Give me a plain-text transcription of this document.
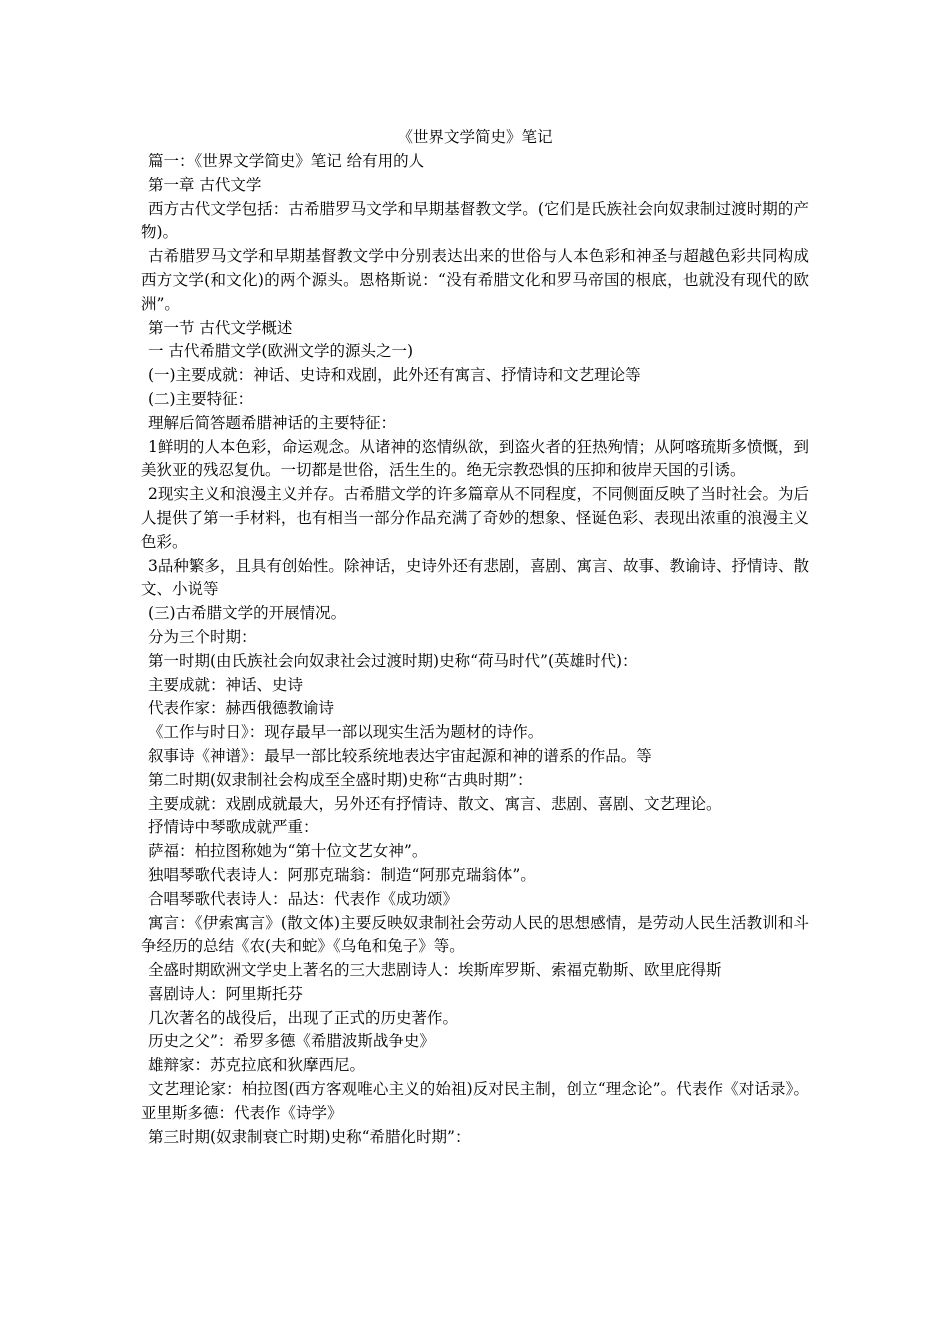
《世界文学简史》笔记

篇一：《世界文学简史》笔记 给有用的人

第一章 古代文学

西方古代文学包括：古希腊罗马文学和早期基督教文学。(它们是氏族社会向奴隶制过渡时期的产物)。

古希腊罗马文学和早期基督教文学中分别表达出来的世俗与人本色彩和神圣与超越色彩共同构成西方文学(和文化)的两个源头。恩格斯说：“没有希腊文化和罗马帝国的根底，也就没有现代的欧洲”。

第一节 古代文学概述

一 古代希腊文学(欧洲文学的源头之一)

(一)主要成就：神话、史诗和戏剧，此外还有寓言、抒情诗和文艺理论等

(二)主要特征：

理解后简答题希腊神话的主要特征：

1鲜明的人本色彩，命运观念。从诸神的恣情纵欲，到盗火者的狂热殉情；从阿喀琉斯多愤慨，到美狄亚的残忍复仇。一切都是世俗，活生生的。绝无宗教恐惧的压抑和彼岸天国的引诱。

2现实主义和浪漫主义并存。古希腊文学的许多篇章从不同程度，不同侧面反映了当时社会。为后人提供了第一手材料，也有相当一部分作品充满了奇妙的想象、怪诞色彩、表现出浓重的浪漫主义色彩。

3品种繁多，且具有创始性。除神话，史诗外还有悲剧，喜剧、寓言、故事、教谕诗、抒情诗、散文、小说等

(三)古希腊文学的开展情况。

分为三个时期：

第一时期(由氏族社会向奴隶社会过渡时期)史称“荷马时代”(英雄时代)：

主要成就：神话、史诗

代表作家：赫西俄德教谕诗

《工作与时日》：现存最早一部以现实生活为题材的诗作。

叙事诗《神谱》：最早一部比较系统地表达宇宙起源和神的谱系的作品。等

第二时期(奴隶制社会构成至全盛时期)史称“古典时期”：

主要成就：戏剧成就最大，另外还有抒情诗、散文、寓言、悲剧、喜剧、文艺理论。

抒情诗中琴歌成就严重：

萨福：柏拉图称她为“第十位文艺女神”。

独唱琴歌代表诗人：阿那克瑞翁：制造“阿那克瑞翁体”。

合唱琴歌代表诗人：品达：代表作《成功颂》

寓言：《伊索寓言》(散文体)主要反映奴隶制社会劳动人民的思想感情，是劳动人民生活教训和斗争经历的总结《农(夫和蛇》《乌龟和兔子》等。

全盛时期欧洲文学史上著名的三大悲剧诗人：埃斯库罗斯、索福克勒斯、欧里庇得斯

喜剧诗人：阿里斯托芬

几次著名的战役后，出现了正式的历史著作。

历史之父”：希罗多德《希腊波斯战争史》

雄辩家：苏克拉底和狄摩西尼。

文艺理论家：柏拉图(西方客观唯心主义的始祖)反对民主制，创立“理念论”。代表作《对话录》。 亚里斯多德：代表作《诗学》

第三时期(奴隶制衰亡时期)史称“希腊化时期”：
